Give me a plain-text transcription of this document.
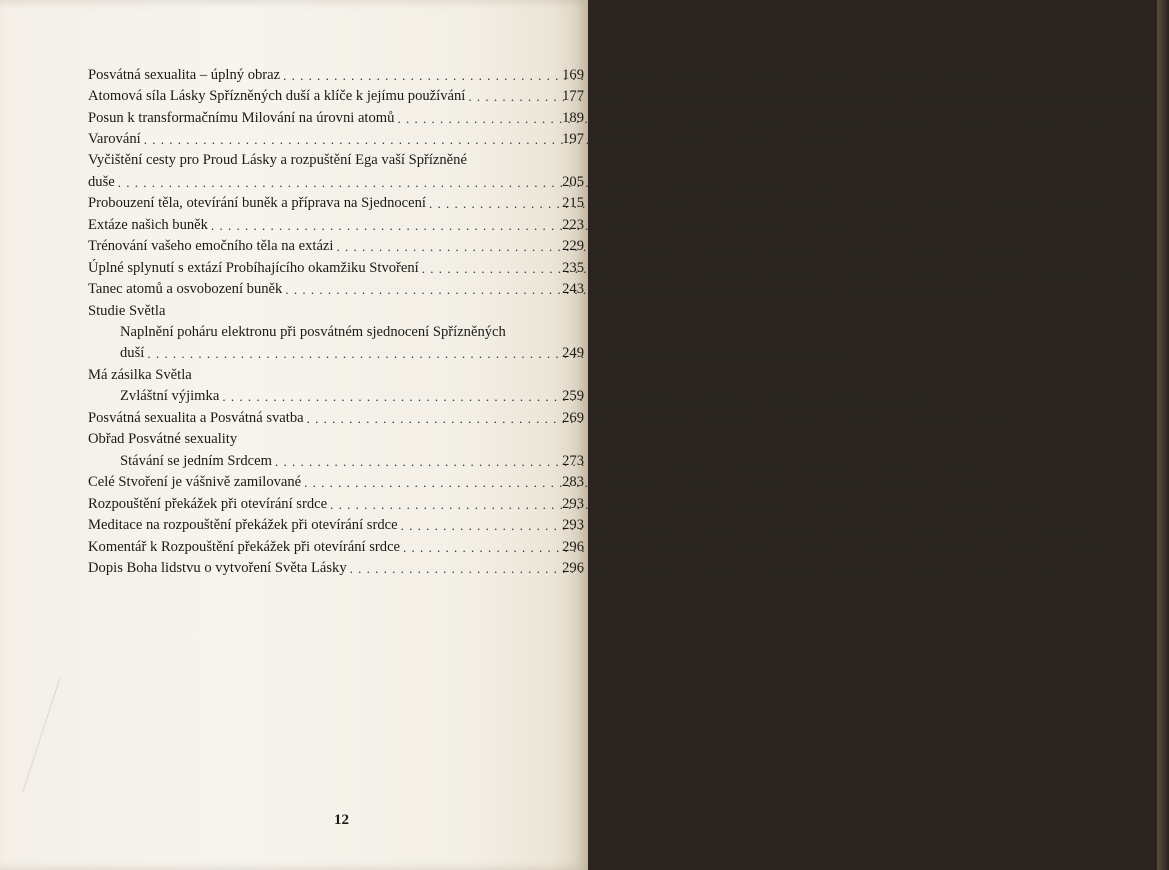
Posvátná sexualita – úplný obraz . . .	169
Atomová síla Lásky Spřízněných duší a klíče k jejímu používání . . .	177
Posun k transformačnímu Milování na úrovni atomů . . .	189
Varování . . .	197
Vyčištění cesty pro Proud Lásky a rozpuštění Ega vaší Spřízněné
duše . . .	205
Probouzení těla, otevírání buněk a příprava na Sjednocení . . .	215
Extáze našich buněk . . .	223
Trénování vašeho emočního těla na extázi . . .	229
Úplné splynutí s extází Probíhajícího okamžiku Stvoření . . .	235
Tanec atomů a osvobození buněk . . .	243
Studie Světla
Naplnění poháru elektronu při posvátném sjednocení Spřízněných
duší . . .	249
Má zásilka Světla
Zvláštní výjimka . . .	259
Posvátná sexualita a Posvátná svatba . . .	269
Obřad Posvátné sexuality
Stávání se jedním Srdcem . . .	273
Celé Stvoření je vášnivě zamilované . . .	283
Rozpouštění překážek při otevírání srdce . . .	293
Meditace na rozpouštění překážek při otevírání srdce . . .	293
Komentář k Rozpouštění překážek při otevírání srdce . . .	296
Dopis Boha lidstvu o vytvoření Světa Lásky . . .	296
12
